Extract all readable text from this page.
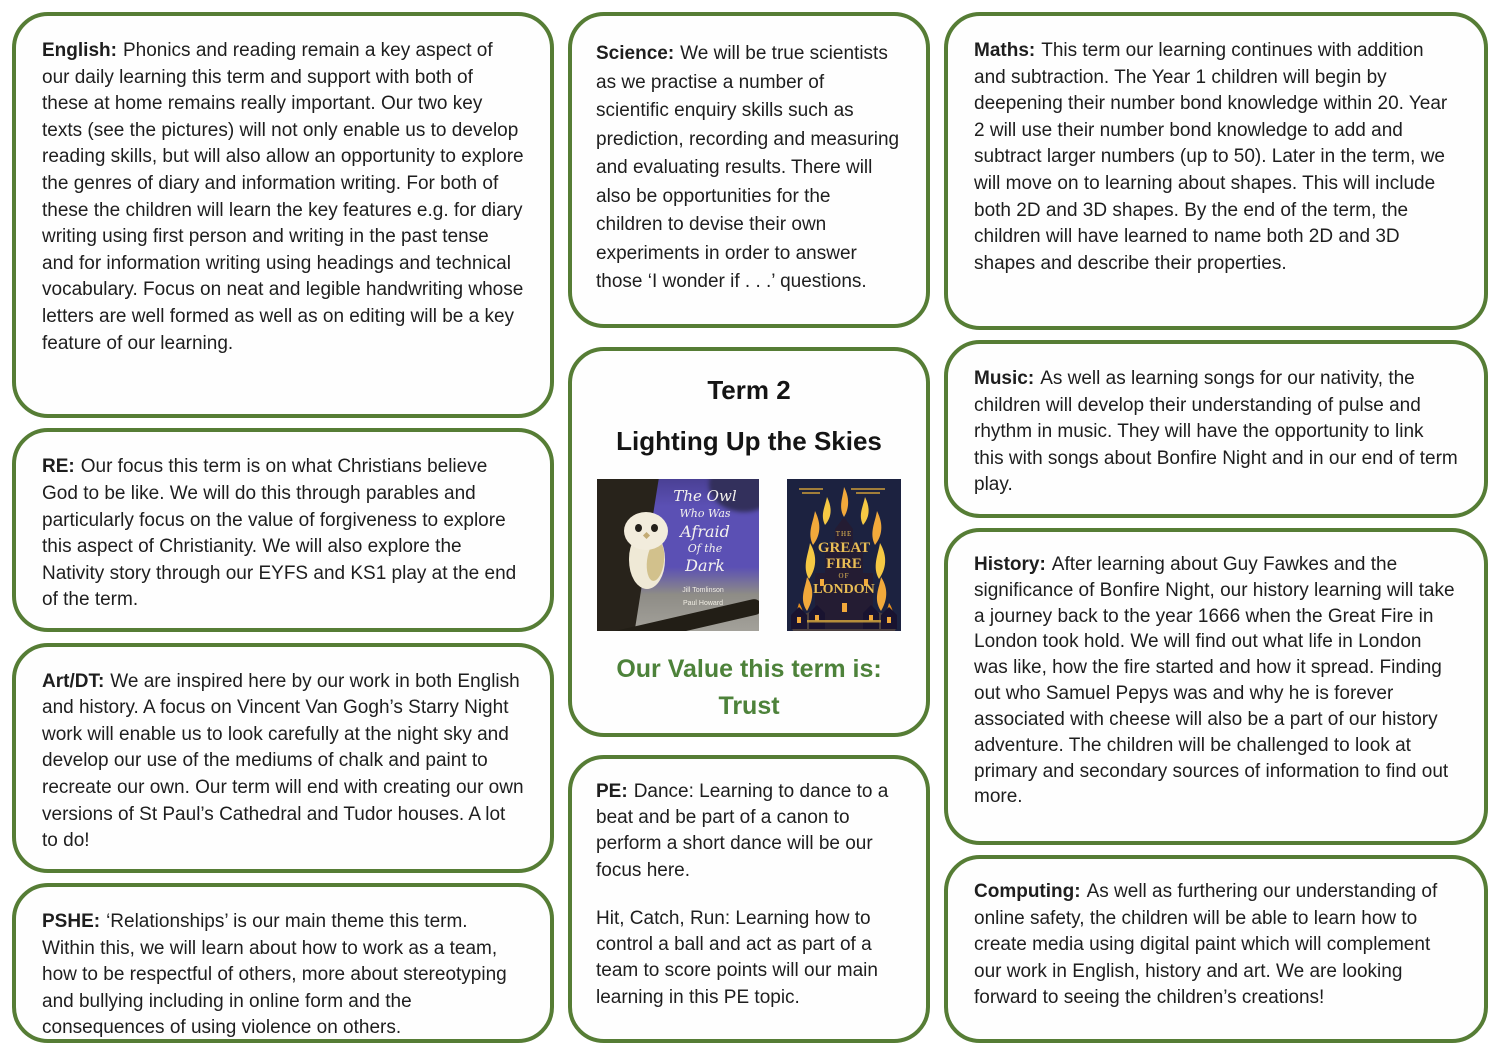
English: Phonics and reading remain a key aspect of our daily learning this term and support with both of these at home remains really important. Our two key texts (see the pictures) will not only enable us to develop reading skills, but will also allow an opportunity to explore the genres of diary and information writing. For both of these the children will learn the key features e.g. for diary writing using first person and writing in the past tense and for information writing using headings and technical vocabulary. Focus on neat and legible handwriting whose letters are well formed as well as on editing will be a key feature of our learning.

RE: Our focus this term is on what Christians believe God to be like. We will do this through parables and particularly focus on the value of forgiveness to explore this aspect of Christianity. We will also explore the Nativity story through our EYFS and KS1 play at the end of the term.

Art/DT: We are inspired here by our work in both English and history. A focus on Vincent Van Gogh’s Starry Night work will enable us to look carefully at the night sky and develop our use of the mediums of chalk and paint to recreate our own. Our term will end with creating our own versions of St Paul’s Cathedral and Tudor houses. A lot to do!

PSHE: ‘Relationships’ is our main theme this term. Within this, we will learn about how to work as a team, how to be respectful of others, more about stereotyping and bullying including in online form and the consequences of using violence on others.

Science: We will be true scientists as we practise a number of scientific enquiry skills such as prediction, recording and measuring and evaluating results. There will also be opportunities for the children to devise their own experiments in order to answer those ‘I wonder if . . .’ questions.

Term 2
Lighting Up the Skies
The Owl
Who Was
Afraid
Of the
Dark
Jill Tomlinson
Paul Howard
THE
GREAT
FIRE
OF
LONDON
Our Value this term is:
Trust

PE: Dance: Learning to dance to a beat and be part of a canon to perform a short dance will be our focus here.

Hit, Catch, Run: Learning how to control a ball and act as part of a team to score points will our main learning in this PE topic.

Maths: This term our learning continues with addition and subtraction. The Year 1 children will begin by deepening their number bond knowledge within 20. Year 2 will use their number bond knowledge to add and subtract larger numbers (up to 50). Later in the term, we will move on to learning about shapes. This will include both 2D and 3D shapes. By the end of the term, the children will have learned to name both 2D and 3D shapes and describe their properties.

Music: As well as learning songs for our nativity, the children will develop their understanding of pulse and rhythm in music. They will have the opportunity to link this with songs about Bonfire Night and in our end of term play.

History: After learning about Guy Fawkes and the significance of Bonfire Night, our history learning will take a journey back to the year 1666 when the Great Fire in London took hold. We will find out what life in London was like, how the fire started and how it spread. Finding out who Samuel Pepys was and why he is forever associated with cheese will also be a part of our history adventure. The children will be challenged to look at primary and secondary sources of information to find out more.

Computing: As well as furthering our understanding of online safety, the children will be able to learn how to create media using digital paint which will complement our work in English, history and art. We are looking forward to seeing the children’s creations!
